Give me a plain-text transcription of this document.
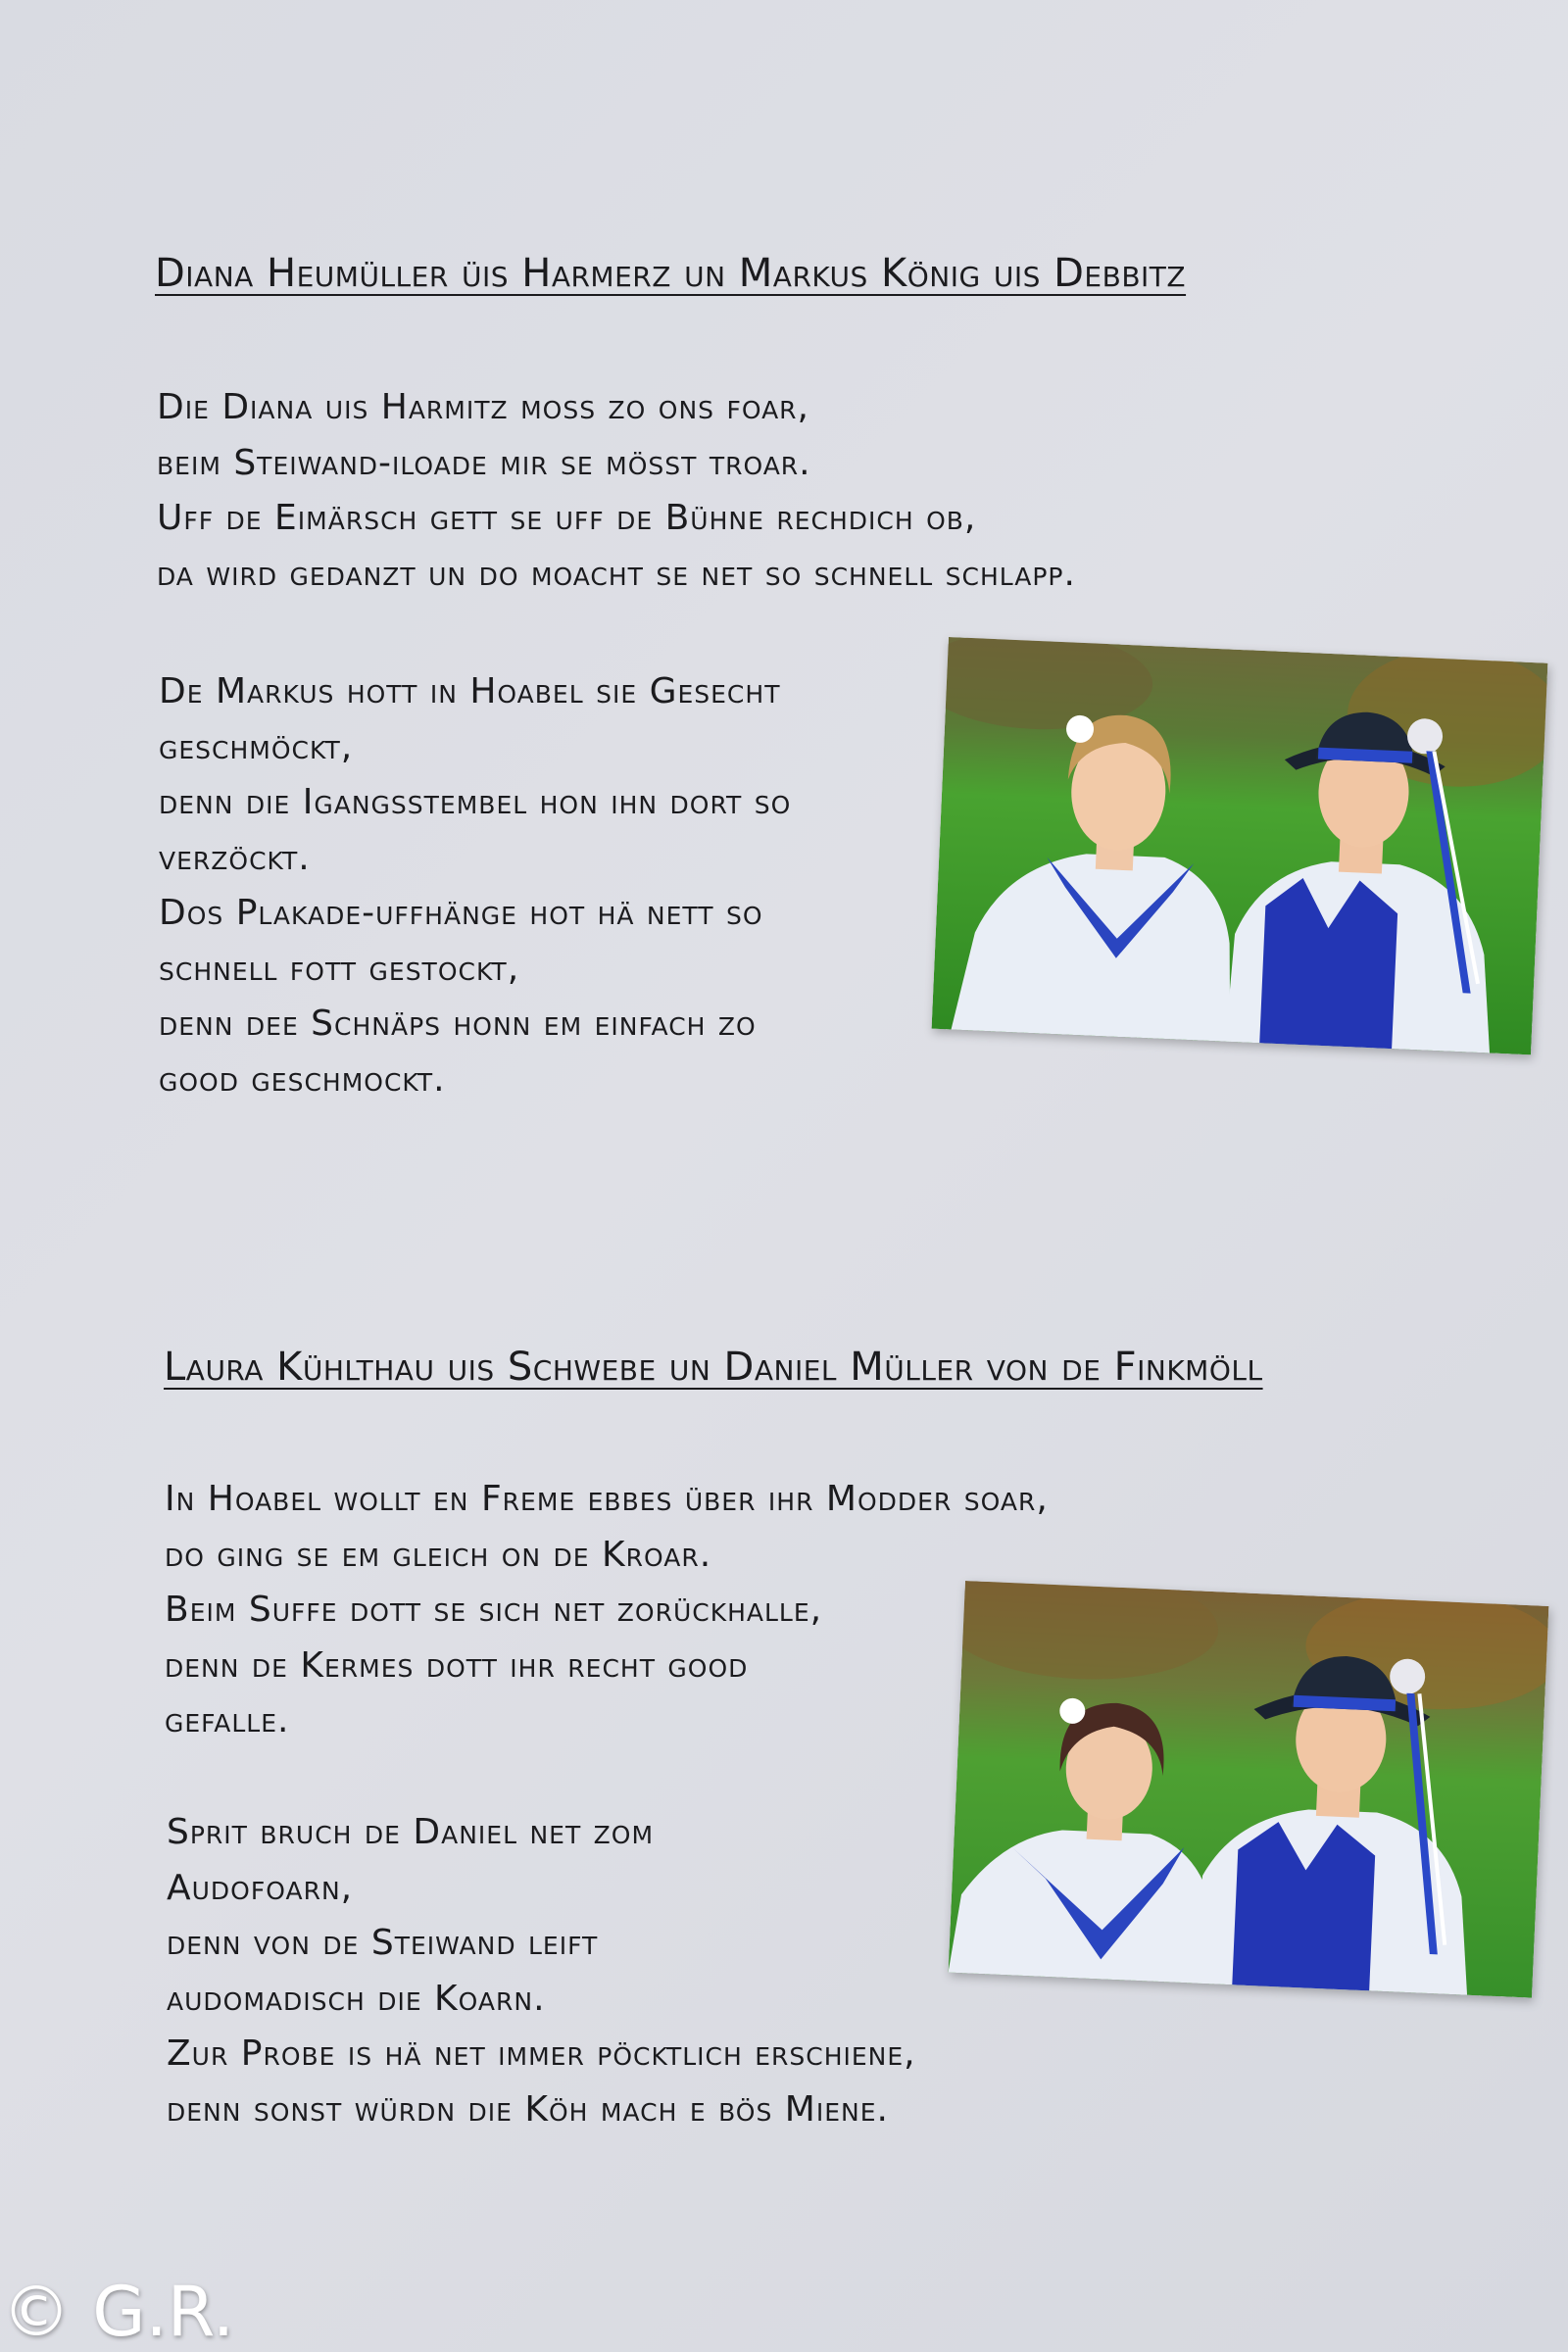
Diana Heumüller üis Harmerz un Markus König uis Debbitz
Die Diana uis Harmitz moss zo ons foar,
beim Steiwand-iloade mir se mösst troar.
Uff de Eimärsch gett se uff de Bühne rechdich ob,
da wird gedanzt un do moacht se net so schnell schlapp.
De Markus hott in Hoabel sie Gesecht
geschmöckt,
denn die Igangsstembel hon ihn dort so
verzöckt.
Dos Plakade-uffhänge hot hä nett so
schnell fott gestockt,
denn dee Schnäps honn em einfach zo
good geschmockt.
Laura Kühlthau uis Schwebe un Daniel Müller von de Finkmöll
In Hoabel wollt en Freme ebbes über ihr Modder soar,
do ging se em gleich on de Kroar.
Beim Suffe dott se sich net zorückhalle,
denn de Kermes dott ihr recht good
gefalle.
Sprit bruch de Daniel net zom
Audofoarn,
denn von de Steiwand leift
audomadisch die Koarn.
Zur Probe is hä net immer pöcktlich erschiene,
denn sonst würdn die Köh mach e bös Miene.
© G.R.
